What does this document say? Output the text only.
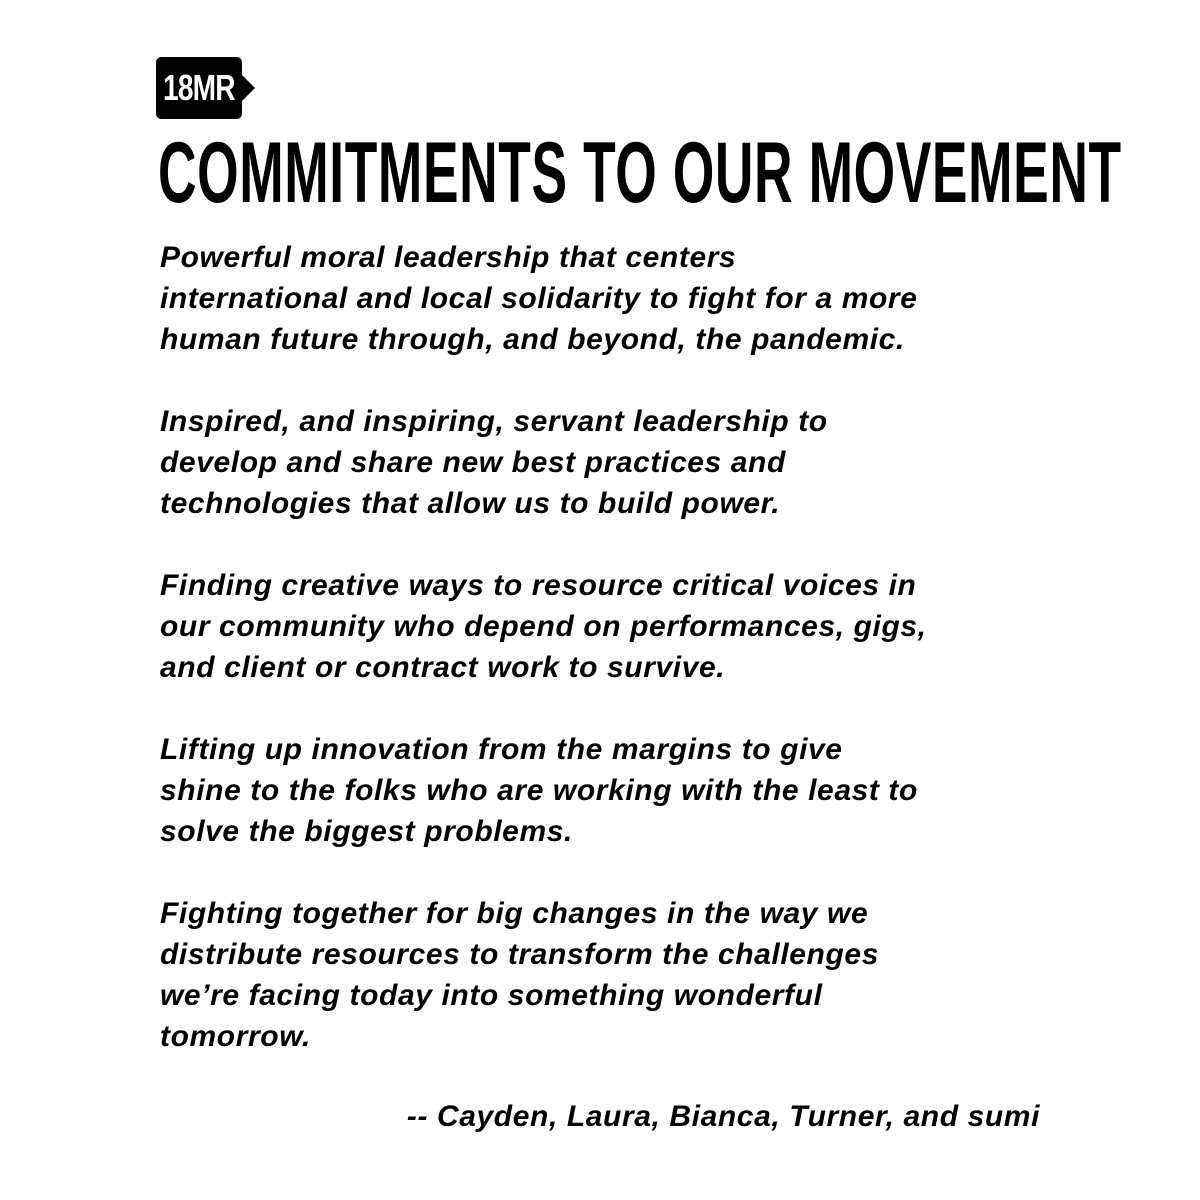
18MR
COMMITMENTS TO OUR MOVEMENT

Powerful moral leadership that centers
international and local solidarity to fight for a more
human future through, and beyond, the pandemic.

Inspired, and inspiring, servant leadership to
develop and share new best practices and
technologies that allow us to build power.

Finding creative ways to resource critical voices in
our community who depend on performances, gigs,
and client or contract work to survive.

Lifting up innovation from the margins to give
shine to the folks who are working with the least to
solve the biggest problems.

Fighting together for big changes in the way we
distribute resources to transform the challenges
we’re facing today into something wonderful
tomorrow.

-- Cayden, Laura, Bianca, Turner, and sumi
